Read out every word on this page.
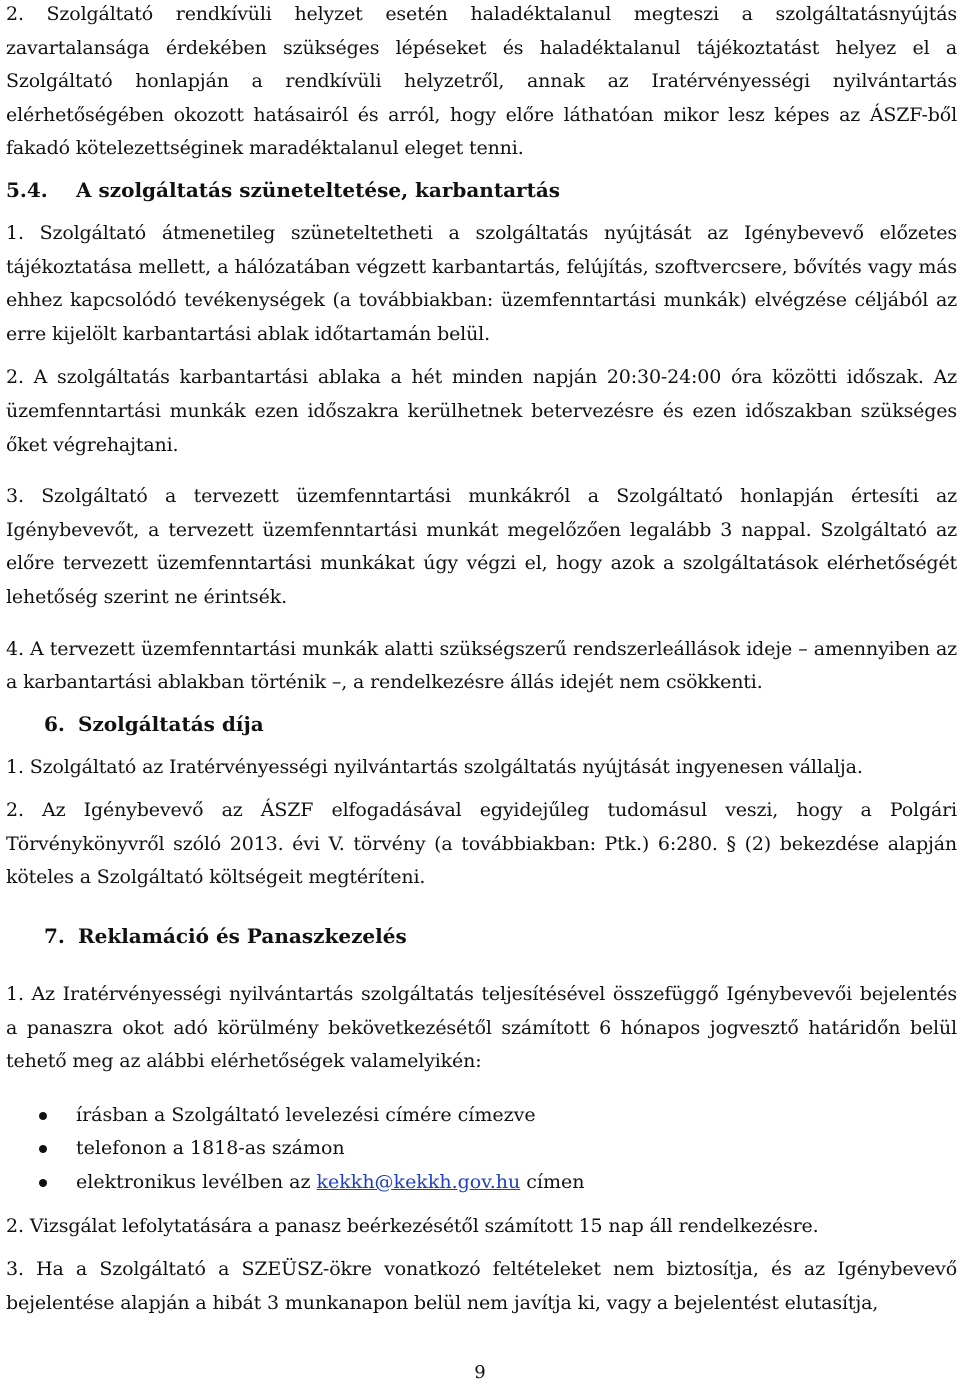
2. Szolgáltató rendkívüli helyzet esetén haladéktalanul megteszi a szolgáltatásnyújtás zavartalansága érdekében szükséges lépéseket és haladéktalanul tájékoztatást helyez el a Szolgáltató honlapján a rendkívüli helyzetről, annak az Iratérvényességi nyilvántartás elérhetőségében okozott hatásairól és arról, hogy előre láthatóan mikor lesz képes az ÁSZF-ből fakadó kötelezettséginek maradéktalanul eleget tenni.

5.4. A szolgáltatás szüneteltetése, karbantartás

1. Szolgáltató átmenetileg szüneteltetheti a szolgáltatás nyújtását az Igénybevevő előzetes tájékoztatása mellett, a hálózatában végzett karbantartás, felújítás, szoftvercsere, bővítés vagy más ehhez kapcsolódó tevékenységek (a továbbiakban: üzemfenntartási munkák) elvégzése céljából az erre kijelölt karbantartási ablak időtartamán belül.

2. A szolgáltatás karbantartási ablaka a hét minden napján 20:30-24:00 óra közötti időszak. Az üzemfenntartási munkák ezen időszakra kerülhetnek betervezésre és ezen időszakban szükséges őket végrehajtani.

3. Szolgáltató a tervezett üzemfenntartási munkákról a Szolgáltató honlapján értesíti az Igénybevevőt, a tervezett üzemfenntartási munkát megelőzően legalább 3 nappal. Szolgáltató az előre tervezett üzemfenntartási munkákat úgy végzi el, hogy azok a szolgáltatások elérhetőségét lehetőség szerint ne érintsék.

4. A tervezett üzemfenntartási munkák alatti szükségszerű rendszerleállások ideje – amennyiben az a karbantartási ablakban történik –, a rendelkezésre állás idejét nem csökkenti.

6. Szolgáltatás díja

1. Szolgáltató az Iratérvényességi nyilvántartás szolgáltatás nyújtását ingyenesen vállalja.

2. Az Igénybevevő az ÁSZF elfogadásával egyidejűleg tudomásul veszi, hogy a Polgári Törvénykönyvről szóló 2013. évi V. törvény (a továbbiakban: Ptk.) 6:280. § (2) bekezdése alapján köteles a Szolgáltató költségeit megtéríteni.

7. Reklamáció és Panaszkezelés

1. Az Iratérvényességi nyilvántartás szolgáltatás teljesítésével összefüggő Igénybevevői bejelentés a panaszra okot adó körülmény bekövetkezésétől számított 6 hónapos jogvesztő határidőn belül tehető meg az alábbi elérhetőségek valamelyikén:

írásban a Szolgáltató levelezési címére címezve
telefonon a 1818-as számon
elektronikus levélben az kekkh@kekkh.gov.hu címen

2. Vizsgálat lefolytatására a panasz beérkezésétől számított 15 nap áll rendelkezésre.

3. Ha a Szolgáltató a SZEÜSZ-ökre vonatkozó feltételeket nem biztosítja, és az Igénybevevő bejelentése alapján a hibát 3 munkanapon belül nem javítja ki, vagy a bejelentést elutasítja,

9
